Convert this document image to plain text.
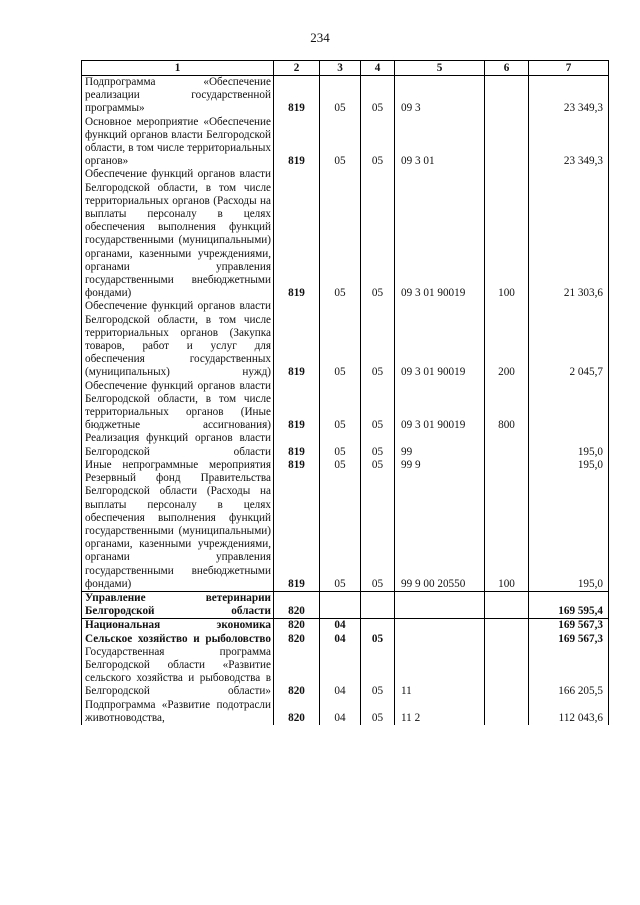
234
1	2	3	4	5	6	7
Подпрограмма «Обеспечение реализации государственной программы»	819	05	05	09 3		23 349,3
Основное мероприятие «Обеспечение функций органов власти Белгородской области, в том числе территориальных органов»	819	05	05	09 3 01		23 349,3
Обеспечение функций органов власти Белгородской области, в том числе территориальных органов (Расходы на выплаты персоналу в целях обеспечения выполнения функций государственными (муниципальными) органами, казенными учреждениями, органами управления государственными внебюджетными фондами)	819	05	05	09 3 01 90019	100	21 303,6
Обеспечение функций органов власти Белгородской области, в том числе территориальных органов (Закупка товаров, работ и услуг для обеспечения государственных (муниципальных) нужд)	819	05	05	09 3 01 90019	200	2 045,7
Обеспечение функций органов власти Белгородской области, в том числе территориальных органов (Иные бюджетные ассигнования)	819	05	05	09 3 01 90019	800	
Реализация функций органов власти Белгородской области	819	05	05	99		195,0
Иные непрограммные мероприятия	819	05	05	99 9		195,0
Резервный фонд Правительства Белгородской области (Расходы на выплаты персоналу в целях обеспечения выполнения функций государственными (муниципальными) органами, казенными учреждениями, органами управления государственными внебюджетными фондами)	819	05	05	99 9 00 20550	100	195,0
Управление ветеринарии Белгородской области	820					169 595,4
Национальная экономика	820	04				169 567,3
Сельское хозяйство и рыболовство	820	04	05			169 567,3
Государственная программа Белгородской области «Развитие сельского хозяйства и рыбоводства в Белгородской области»	820	04	05	11		166 205,5
Подпрограмма «Развитие подотрасли животноводства,	820	04	05	11 2		112 043,6
